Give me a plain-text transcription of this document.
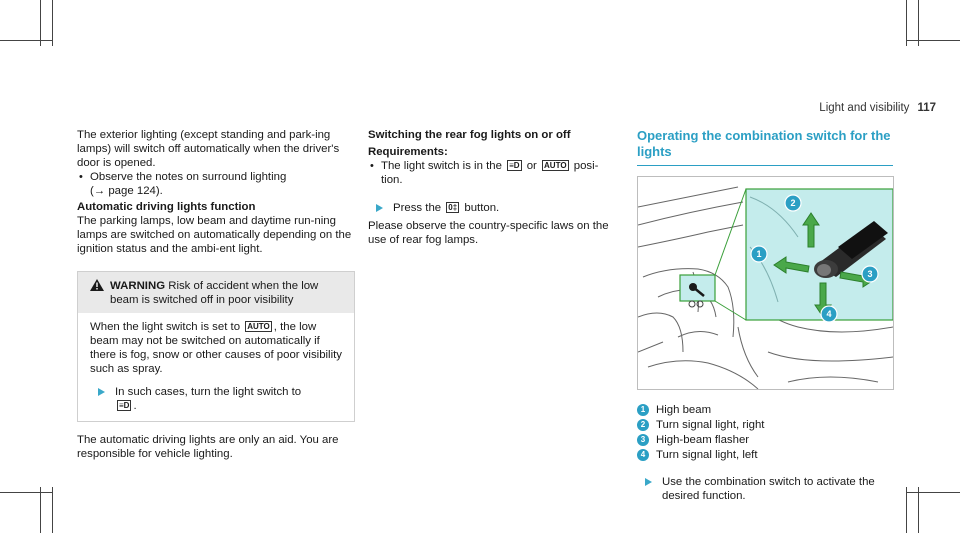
Light and visibility 117

The exterior lighting (except standing and park-ing lamps) will switch off automatically when the driver's door is opened.

• Observe the notes on surround lighting
(→ page 124).

Automatic driving lights function

The parking lamps, low beam and daytime run-ning lamps are switched on automatically depending on the ignition status and the ambi-ent light.

WARNING Risk of accident when the low beam is switched off in poor visibility

When the light switch is set to AUTO , the low beam may not be switched on automatically if there is fog, snow or other causes of poor visibility such as spray.

In such cases, turn the light switch to
≡D .

The automatic driving lights are only an aid. You are responsible for vehicle lighting.

Switching the rear fog lights on or off

Requirements:

• The light switch is in the ≡D or AUTO posi-tion.
Press the 0‡ button.

Please observe the country-specific laws on the use of rear fog lamps.

Operating the combination switch for the lights
2
1
3
4
1 High beam
2 Turn signal light, right
3 High-beam flasher
4 Turn signal light, left
Use the combination switch to activate the desired function.
